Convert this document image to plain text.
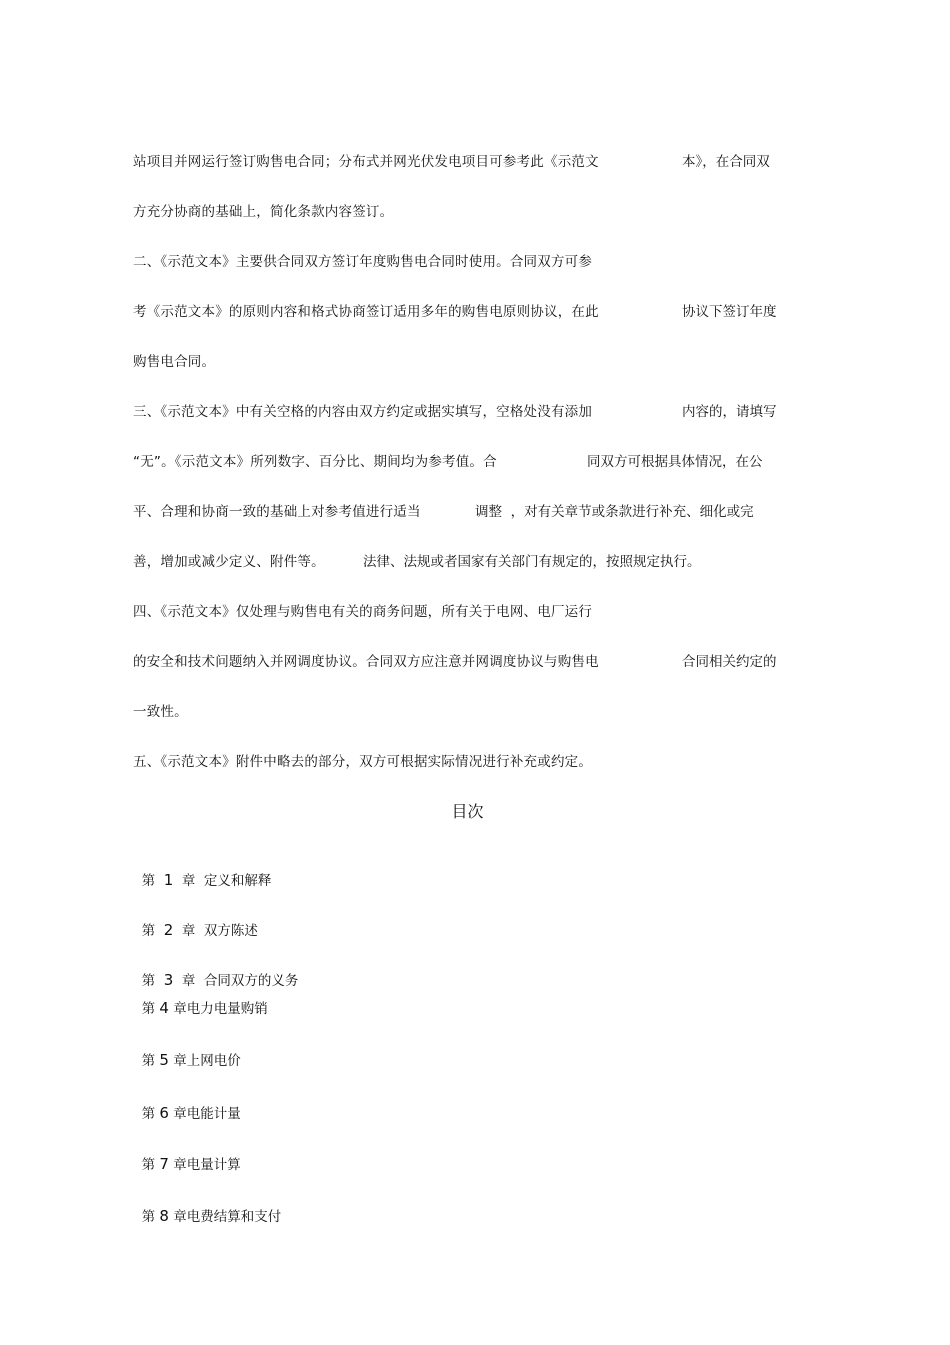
站项目并网运行签订购售电合同；分布式并网光伏发电项目可参考此《示范文	本》，在合同双
方充分协商的基础上，简化条款内容签订。
二、《示范文本》主要供合同双方签订年度购售电合同时使用。合同双方可参
考《示范文本》的原则内容和格式协商签订适用多年的购售电原则协议，在此	协议下签订年度
购售电合同。
三、《示范文本》中有关空格的内容由双方约定或据实填写，空格处没有添加	内容的，请填写
“无”。《示范文本》所列数字、百分比、期间均为参考值。合	同双方可根据具体情况，在公
平、合理和协商一致的基础上对参考值进行适当	调整  ，对有关章节或条款进行补充、细化或完
善，增加或减少定义、附件等。	法律、法规或者国家有关部门有规定的，按照规定执行。
四、《示范文本》仅处理与购售电有关的商务问题，所有关于电网、电厂运行
的安全和技术问题纳入并网调度协议。合同双方应注意并网调度协议与购售电	合同相关约定的
一致性。
五、《示范文本》附件中略去的部分，双方可根据实际情况进行补充或约定。
目次

第 1 章 定义和解释

第 2 章 双方陈述

第 3 章 合同双方的义务

第 4 章电力电量购销

第 5 章上网电价

第 6 章电能计量

第 7 章电量计算

第 8 章电费结算和支付
